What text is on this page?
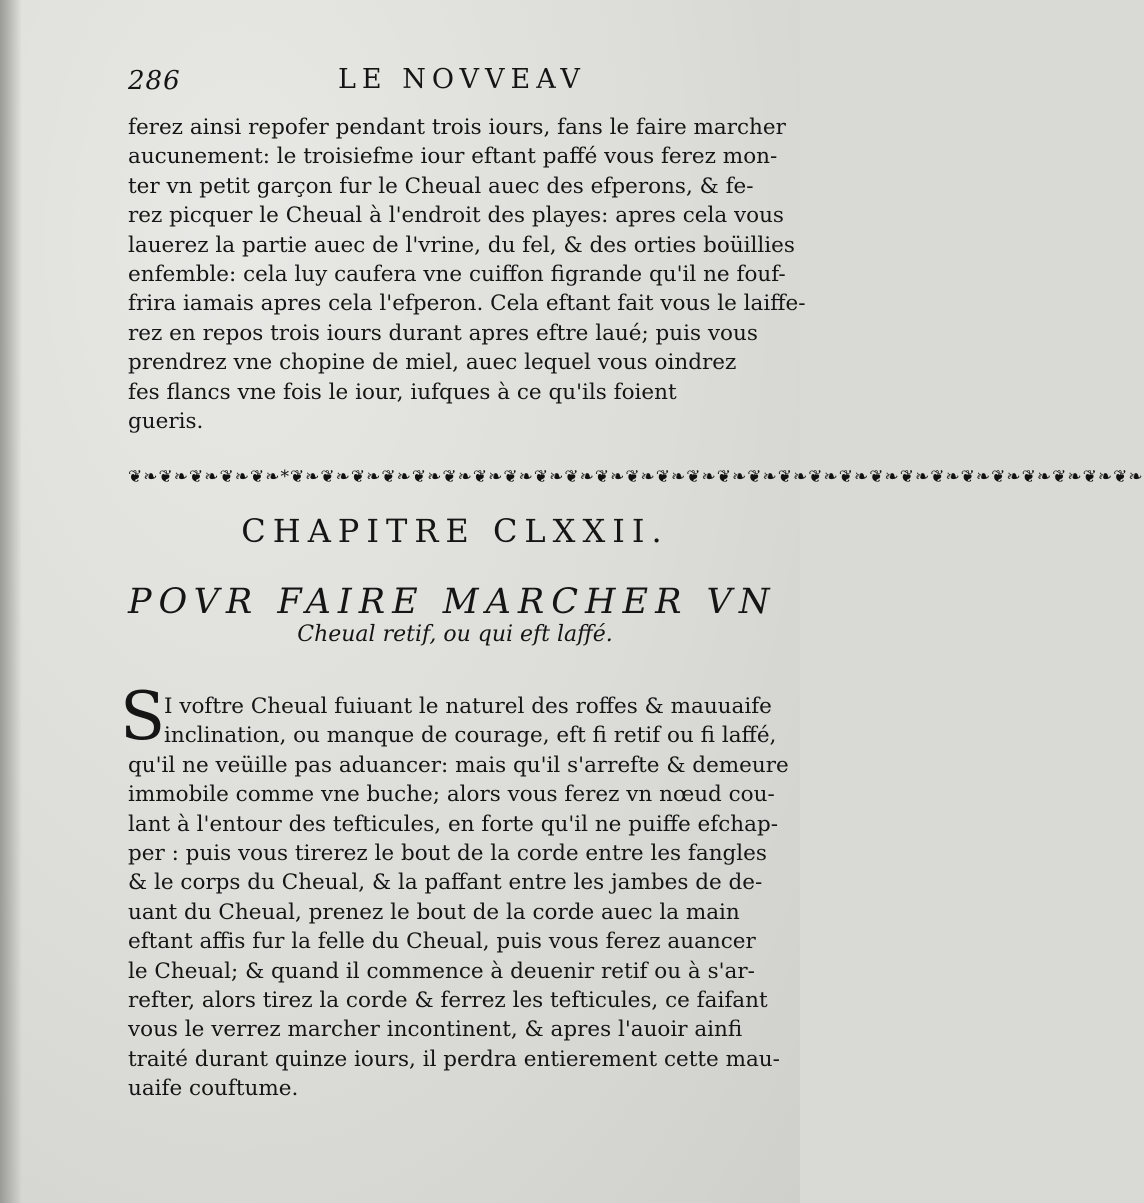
286	LE NOVVEAV
ferez ainsi repofer pendant trois iours, fans le faire marcher
aucunement: le troisiefme iour eftant paffé vous ferez mon-
ter vn petit garçon fur le Cheual auec des efperons, & fe-
rez picquer le Cheual à l'endroit des playes: apres cela vous
lauerez la partie auec de l'vrine, du fel, & des orties boüillies
enfemble: cela luy caufera vne cuiffon figrande qu'il ne fouf-
frira iamais apres cela l'efperon. Cela eftant fait vous le laiffe-
rez en repos trois iours durant apres eftre laué; puis vous
prendrez vne chopine de miel, auec lequel vous oindrez
fes flancs vne fois le iour, iufques à ce qu'ils foient
gueris.
❦❧❦❧❦❧❦❧❦❧*❦❧❦❧❦❧❦❧❦❧❦❧❦❧❦❧❦❧❦❧❦❧❦❧❦❧❦❧❦❧❦❧❦❧❦❧❦❧❦❧❦❧❦❧❦❧❦❧❦❧❦❧❦❧❦❧
CHAPITRE CLXXII.
POVR FAIRE MARCHER VN
Cheual retif, ou qui eft laffé.
S
I voftre Cheual fuiuant le naturel des roffes & mauuaife
inclination, ou manque de courage, eft fi retif ou fi laffé,
qu'il ne veüille pas aduancer: mais qu'il s'arrefte & demeure
immobile comme vne buche; alors vous ferez vn nœud cou-
lant à l'entour des tefticules, en forte qu'il ne puiffe efchap-
per : puis vous tirerez le bout de la corde entre les fangles
& le corps du Cheual, & la paffant entre les jambes de de-
uant du Cheual, prenez le bout de la corde auec la main
eftant affis fur la felle du Cheual, puis vous ferez auancer
le Cheual; & quand il commence à deuenir retif ou à s'ar-
refter, alors tirez la corde & ferrez les tefticules, ce faifant
vous le verrez marcher incontinent, & apres l'auoir ainfi
traité durant quinze iours, il perdra entierement cette mau-
uaife couftume.
